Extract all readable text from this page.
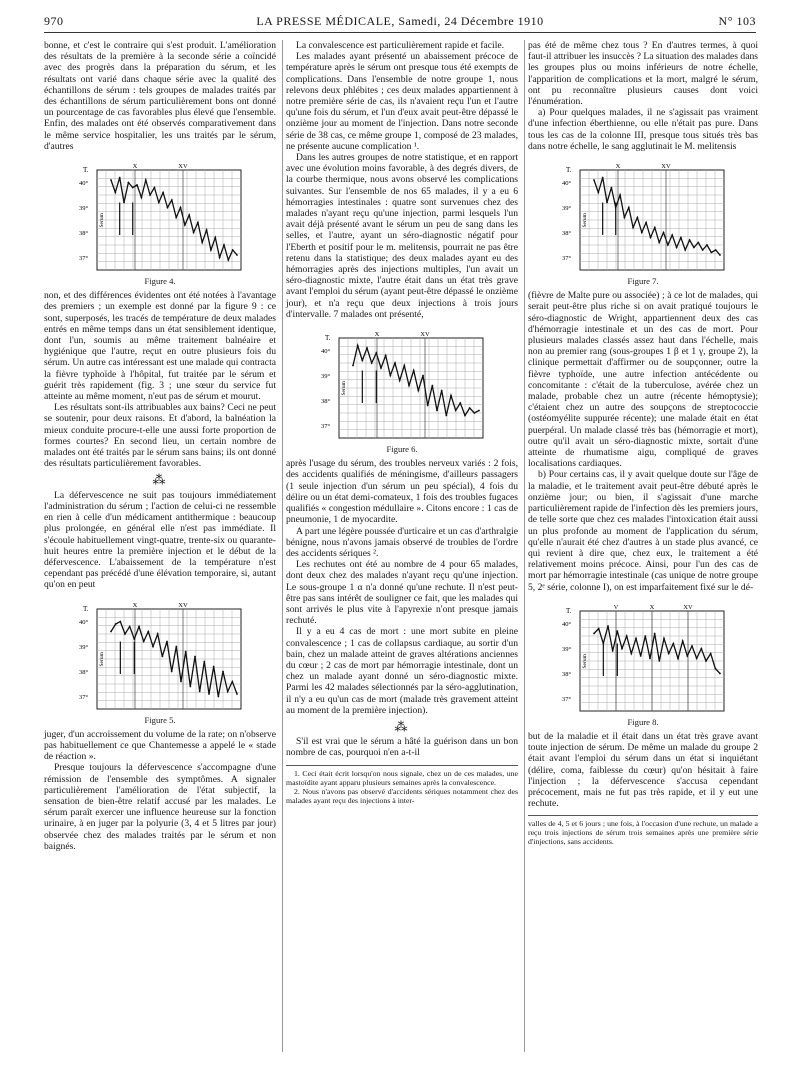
970	LA PRESSE MÉDICALE, Samedi, 24 Décembre 1910	N° 103

bonne, et c'est le contraire qui s'est produit. L'amélioration des résultats de la première à la seconde série a coïncidé avec des progrès dans la préparation du sérum, et les résultats ont varié dans chaque série avec la qualité des échantillons de sérum : tels groupes de malades traités par des échantillons de sérum particulièrement bons ont donné un pourcentage de cas favorables plus élevé que l'ensemble. Enfin, des malades ont été observés comparativement dans le même service hospitalier, les uns traités par le sérum, d'autres

T.
40°
39°
38°
37°
X	XV
Serum
Figure 4.

non, et des différences évidentes ont été notées à l'avantage des premiers ; un exemple est donné par la figure 9 : ce sont, superposés, les tracés de température de deux malades entrés en même temps dans un état sensiblement identique, dont l'un, soumis au même traitement balnéaire et hygiénique que l'autre, reçut en outre plusieurs fois du sérum. Un autre cas intéressant est une malade qui contracta la fièvre typhoïde à l'hôpital, fut traitée par le sérum et guérit très rapidement (fig. 3 ; une sœur du service fut atteinte au même moment, n'eut pas de sérum et mourut.

Les résultats sont-ils attribuables aux bains? Ceci ne peut se soutenir, pour deux raisons. Et d'abord, la balnéation la mieux conduite procure-t-elle une aussi forte proportion de formes courtes? En second lieu, un certain nombre de malades ont été traités par le sérum sans bains; ils ont donné des résultats particulièrement favorables.

⁂

La défervescence ne suit pas toujours immédiatement l'administration du sérum ; l'action de celui-ci ne ressemble en rien à celle d'un médicament antithermique : beaucoup plus prolongée, en général elle n'est pas immédiate. Il s'écoule habituellement vingt-quatre, trente-six ou quarante-huit heures entre la première injection et le début de la défervescence. L'abaissement de la température n'est cependant pas précédé d'une élévation temporaire, si, autant qu'on en peut

T.
40°
39°
38°
37°
X	XV
Serum
Figure 5.

juger, d'un accroissement du volume de la rate; on n'observe pas habituellement ce que Chantemesse a appelé le « stade de réaction ».

Presque toujours la défervescence s'accompagne d'une rémission de l'ensemble des symptômes. A signaler particulièrement l'amélioration de l'état subjectif, la sensation de bien-être relatif accusé par les malades. Le sérum paraît exercer une influence heureuse sur la fonction urinaire, à en juger par la polyurie (3, 4 et 5 litres par jour) observée chez des malades traités par le sérum et non baignés.

La convalescence est particulièrement rapide et facile.

Les malades ayant présenté un abaissement précoce de température après le sérum ont presque tous été exempts de complications. Dans l'ensemble de notre groupe 1, nous relevons deux phlébites ; ces deux malades appartiennent à notre première série de cas, ils n'avaient reçu l'un et l'autre qu'une fois du sérum, et l'un d'eux avait peut-être dépassé le onzième jour au moment de l'injection. Dans notre seconde série de 38 cas, ce même groupe 1, composé de 23 malades, ne présente aucune complication ¹.

Dans les autres groupes de notre statistique, et en rapport avec une évolution moins favorable, à des degrés divers, de la courbe thermique, nous avons observé les complications suivantes. Sur l'ensemble de nos 65 malades, il y a eu 6 hémorragies intestinales : quatre sont survenues chez des malades n'ayant reçu qu'une injection, parmi lesquels l'un avait déjà présenté avant le sérum un peu de sang dans les selles, et l'autre, ayant un séro-diagnostic négatif pour l'Eberth et positif pour le m. melitensis, pourrait ne pas être retenu dans la statistique; des deux malades ayant eu des hémorragies après des injections multiples, l'un avait un séro-diagnostic mixte, l'autre était dans un état très grave avant l'emploi du sérum (ayant peut-être dépassé le onzième jour), et n'a reçu que deux injections à trois jours d'intervalle. 7 malades ont présenté,

T.
40°
39°
38°
37°
X	XV
Serum
Figure 6.

après l'usage du sérum, des troubles nerveux variés : 2 fois, des accidents qualifiés de méningisme, d'ailleurs passagers (1 seule injection d'un sérum un peu spécial), 4 fois du délire ou un état demi-comateux, 1 fois des troubles fugaces qualifiés « congestion médullaire ». Citons encore : 1 cas de pneumonie, 1 de myocardite.

A part une légère poussée d'urticaire et un cas d'arthralgie bénigne, nous n'avons jamais observé de troubles de l'ordre des accidents sériques ².

Les rechutes ont été au nombre de 4 pour 65 malades, dont deux chez des malades n'ayant reçu qu'une injection. Le sous-groupe 1 α n'a donné qu'une rechute. Il n'est peut-être pas sans intérêt de souligner ce fait, que les malades qui sont arrivés le plus vite à l'apyrexie n'ont presque jamais rechuté.

Il y a eu 4 cas de mort : une mort subite en pleine convalescence ; 1 cas de collapsus cardiaque, au sortir d'un bain, chez un malade atteint de graves altérations anciennes du cœur ; 2 cas de mort par hémorragie intestinale, dont un chez un malade ayant donné un séro-diagnostic mixte. Parmi les 42 malades sélectionnés par la séro-agglutination, il n'y a eu qu'un cas de mort (malade très gravement atteint au moment de la première injection).

⁂

S'il est vrai que le sérum a hâté la guérison dans un bon nombre de cas, pourquoi n'en a-t-il

1. Ceci était écrit lorsqu'on nous signale, chez un de ces malades, une mastoïdite ayant apparu plusieurs semaines après la convalescence.

2. Nous n'avons pas observé d'accidents sériques notamment chez des malades ayant reçu des injections à inter-

pas été de même chez tous ? En d'autres termes, à quoi faut-il attribuer les insuccès ? La situation des malades dans les groupes plus ou moins inférieurs de notre échelle, l'apparition de complications et la mort, malgré le sérum, ont pu reconnaître plusieurs causes dont voici l'énumération.

a) Pour quelques malades, il ne s'agissait pas vraiment d'une infection éberthienne, ou elle n'était pas pure. Dans tous les cas de la colonne III, presque tous situés très bas dans notre échelle, le sang agglutinait le M. melitensis

T.
40°
39°
38°
37°
X	XV
Serum
Figure 7.

(fièvre de Malte pure ou associée) ; à ce lot de malades, qui serait peut-être plus riche si on avait pratiqué toujours le séro-diagnostic de Wright, appartiennent deux des cas d'hémorragie intestinale et un des cas de mort. Pour plusieurs malades classés assez haut dans l'échelle, mais non au premier rang (sous-groupes 1 β et 1 γ, groupe 2), la clinique permettait d'affirmer ou de soupçonner, outre la fièvre typhoïde, une autre infection antécédente ou concomitante : c'était de la tuberculose, avérée chez un malade, probable chez un autre (récente hémoptysie); c'étaient chez un autre des soupçons de streptococcie (ostéomyélite suppurée récente); une malade était en état puerpéral. Un malade classé très bas (hémorragie et mort), outre qu'il avait un séro-diagnostic mixte, sortait d'une atteinte de rhumatisme aigu, compliqué de graves localisations cardiaques.

b) Pour certains cas, il y avait quelque doute sur l'âge de la maladie, et le traitement avait peut-être débuté après le onzième jour; ou bien, il s'agissait d'une marche particulièrement rapide de l'infection dès les premiers jours, de telle sorte que chez ces malades l'intoxication était aussi un plus profonde au moment de l'application du sérum, qu'elle n'aurait été chez d'autres à un stade plus avancé, ce qui revient à dire que, chez eux, le traitement a été relativement moins précoce. Ainsi, pour l'un des cas de mort par hémorragie intestinale (cas unique de notre groupe 5, 2ᵉ série, colonne I), on est imparfaitement fixé sur le dé-

T.
40°
39°
38°
37°
V	X	XV
Serum
Figure 8.

but de la maladie et il était dans un état très grave avant toute injection de sérum. De même un malade du groupe 2 était avant l'emploi du sérum dans un état si inquiétant (délire, coma, faiblesse du cœur) qu'on hésitait à faire l'injection ; la défervescence s'accusa cependant précocement, mais ne fut pas très rapide, et il y eut une rechute.

valles de 4, 5 et 6 jours ; une fois, à l'occasion d'une rechute, un malade a reçu trois injections de sérum trois semaines après une première série d'injections, sans accidents.
